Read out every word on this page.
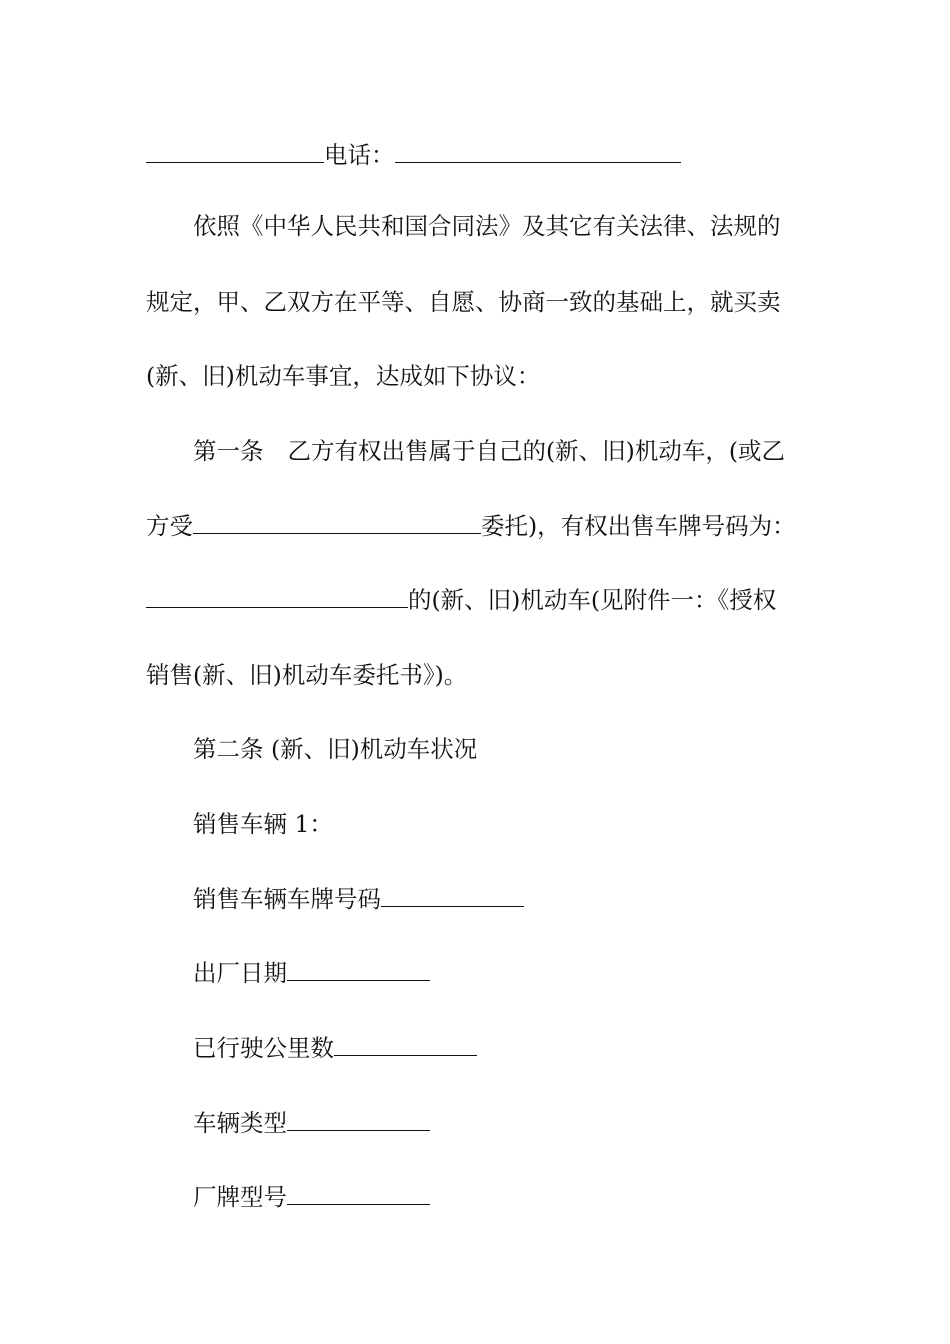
电话：
依照《中华人民共和国合同法》及其它有关法律、法规的
规定，甲、乙双方在平等、自愿、协商一致的基础上，就买卖
(新、旧)机动车事宜，达成如下协议：
第一条 乙方有权出售属于自己的(新、旧)机动车，(或乙
方受	委托)，有权出售车牌号码为：
的(新、旧)机动车(见附件一：《授权
销售(新、旧)机动车委托书》)。
第二条 (新、旧)机动车状况
销售车辆 1：
销售车辆车牌号码
出厂日期
已行驶公里数
车辆类型
厂牌型号
